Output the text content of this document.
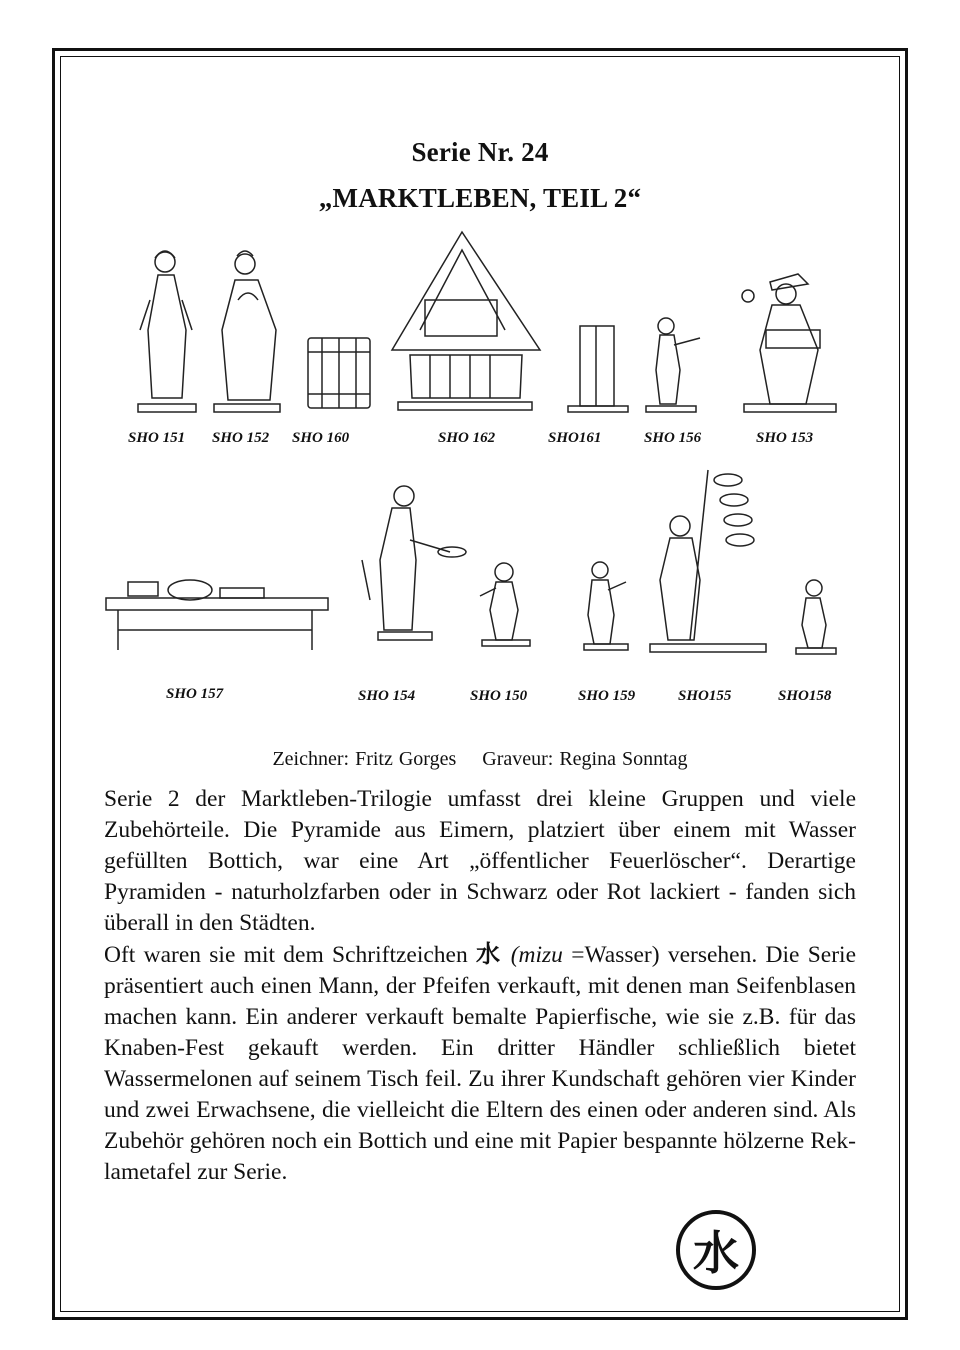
Serie Nr. 24
„MARKTLEBEN, TEIL 2“
SHO 151 SHO 152 SHO 160	SHO 162	SHO161	SHO 156	SHO 153
SHO 157	SHO 154	SHO 150	SHO 159	SHO155	SHO158
Zeichner: Fritz Gorges Graveur: Regina Sonntag

Serie 2 der Marktleben-Trilogie umfasst drei kleine Gruppen und viele Zubehörteile. Die Pyramide aus Eimern, platziert über einem mit Wasser gefüllten Bottich, war eine Art „öffentlicher Feuerlöscher“. Derartige Pyramiden - naturholzfarben oder in Schwarz oder Rot lackiert - fanden sich überall in den Städten.

Oft waren sie mit dem Schriftzeichen 水 (mizu =Wasser) versehen. Die Serie präsentiert auch einen Mann, der Pfeifen verkauft, mit denen man Seifenblasen machen kann. Ein anderer verkauft bemalte Papierfische, wie sie z.B. für das Knaben-Fest gekauft werden. Ein dritter Händler schließlich bietet Wassermelonen auf seinem Tisch feil. Zu ihrer Kundschaft gehören vier Kinder und zwei Erwachsene, die vielleicht die Eltern des einen oder anderen sind. Als Zubehör gehören noch ein Bottich und eine mit Papier bespannte hölzerne Reklametafel zur Serie.

水
